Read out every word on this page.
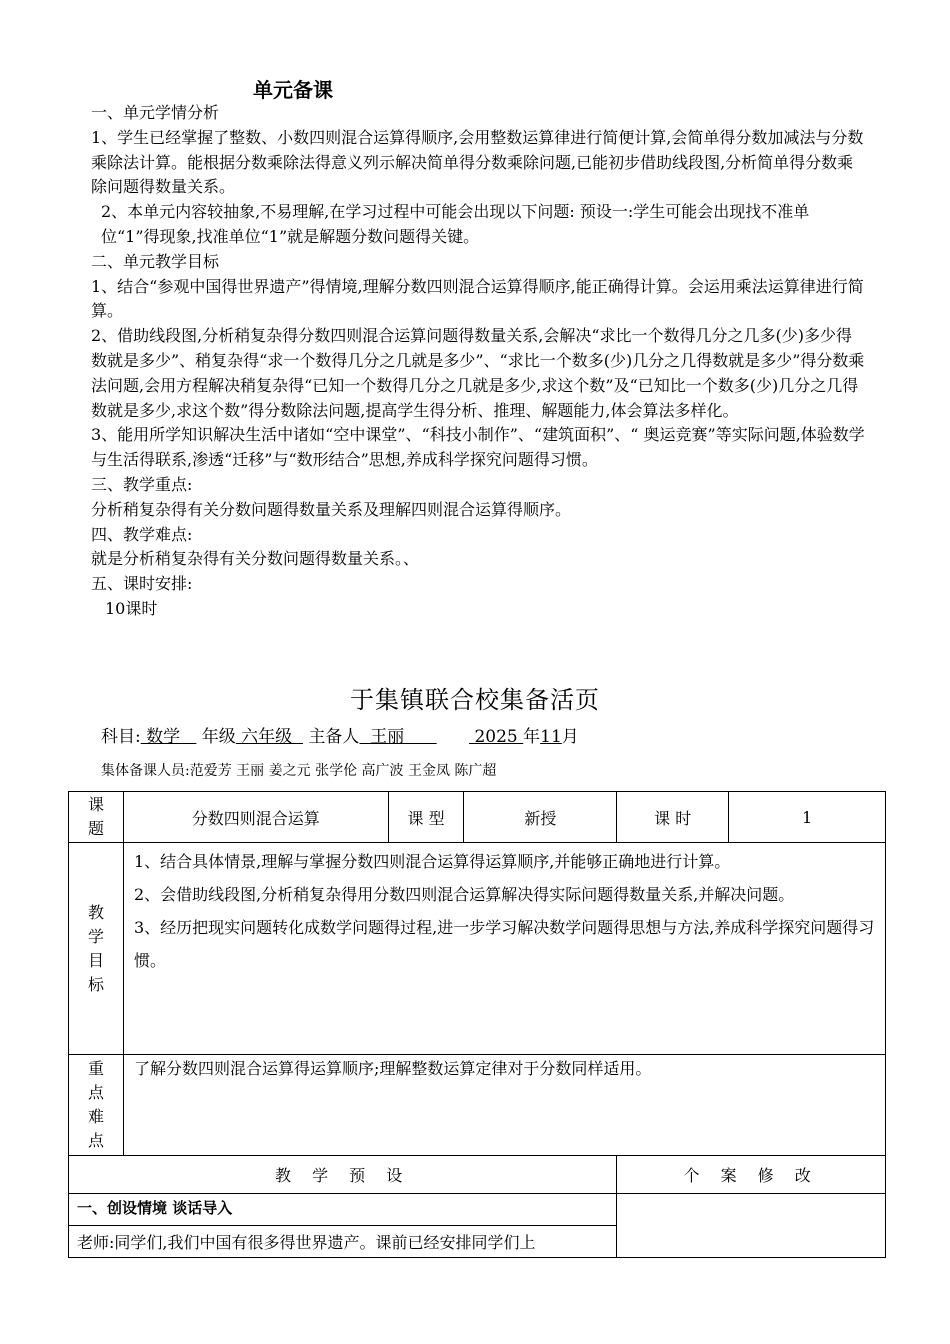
单元备课

一、单元学情分析

1、学生已经掌握了整数、小数四则混合运算得顺序,会用整数运算律进行简便计算,会简单得分数加减法与分数乘除法计算。能根据分数乘除法得意义列示解决简单得分数乘除问题,已能初步借助线段图,分析简单得分数乘除问题得数量关系。

2、本单元内容较抽象,不易理解,在学习过程中可能会出现以下问题: 预设一:学生可能会出现找不准单位“1”得现象,找准单位“1”就是解题分数问题得关键。

二、单元教学目标

1、结合“参观中国得世界遗产”得情境,理解分数四则混合运算得顺序,能正确得计算。会运用乘法运算律进行简算。

2、借助线段图,分析稍复杂得分数四则混合运算问题得数量关系,会解决“求比一个数得几分之几多(少)多少得数就是多少”、稍复杂得“求一个数得几分之几就是多少”、“求比一个数多(少)几分之几得数就是多少”得分数乘法问题,会用方程解决稍复杂得“已知一个数得几分之几就是多少,求这个数”及“已知比一个数多(少)几分之几得数就是多少,求这个数”得分数除法问题,提高学生得分析、推理、解题能力,体会算法多样化。

3、能用所学知识解决生活中诸如“空中课堂”、“科技小制作”、“建筑面积”、“ 奥运竞赛”等实际问题,体验数学与生活得联系,渗透“迁移”与“数形结合”思想,养成科学探究问题得习惯。

三、教学重点:

分析稍复杂得有关分数问题得数量关系及理解四则混合运算得顺序。

四、教学难点:

就是分析稍复杂得有关分数问题得数量关系。、

五、课时安排:

10课时

于集镇联合校集备活页
科目: 数学    年级 六年级   主备人  王丽             2025 年11月
集体备课人员:范爱芳 王丽 姜之元 张学伦 高广波 王金凤 陈广超
课题	分数四则混合运算	课 型	新授	课 时	1
教学目标	1、结合具体情景,理解与掌握分数四则混合运算得运算顺序,并能够正确地进行计算。

2、会借助线段图,分析稍复杂得用分数四则混合运算解决得实际问题得数量关系,并解决问题。

3、经历把现实问题转化成数学问题得过程,进一步学习解决数学问题得思想与方法,养成科学探究问题得习惯。				

重点难点	了解分数四则混合运算得运算顺序;理解整数运算定律对于分数同样适用。				
教 学 预 设				个 案 修 改	
一、创设情境 谈话导入					
老师:同学们,我们中国有很多得世界遗产。课前已经安排同学们上					
